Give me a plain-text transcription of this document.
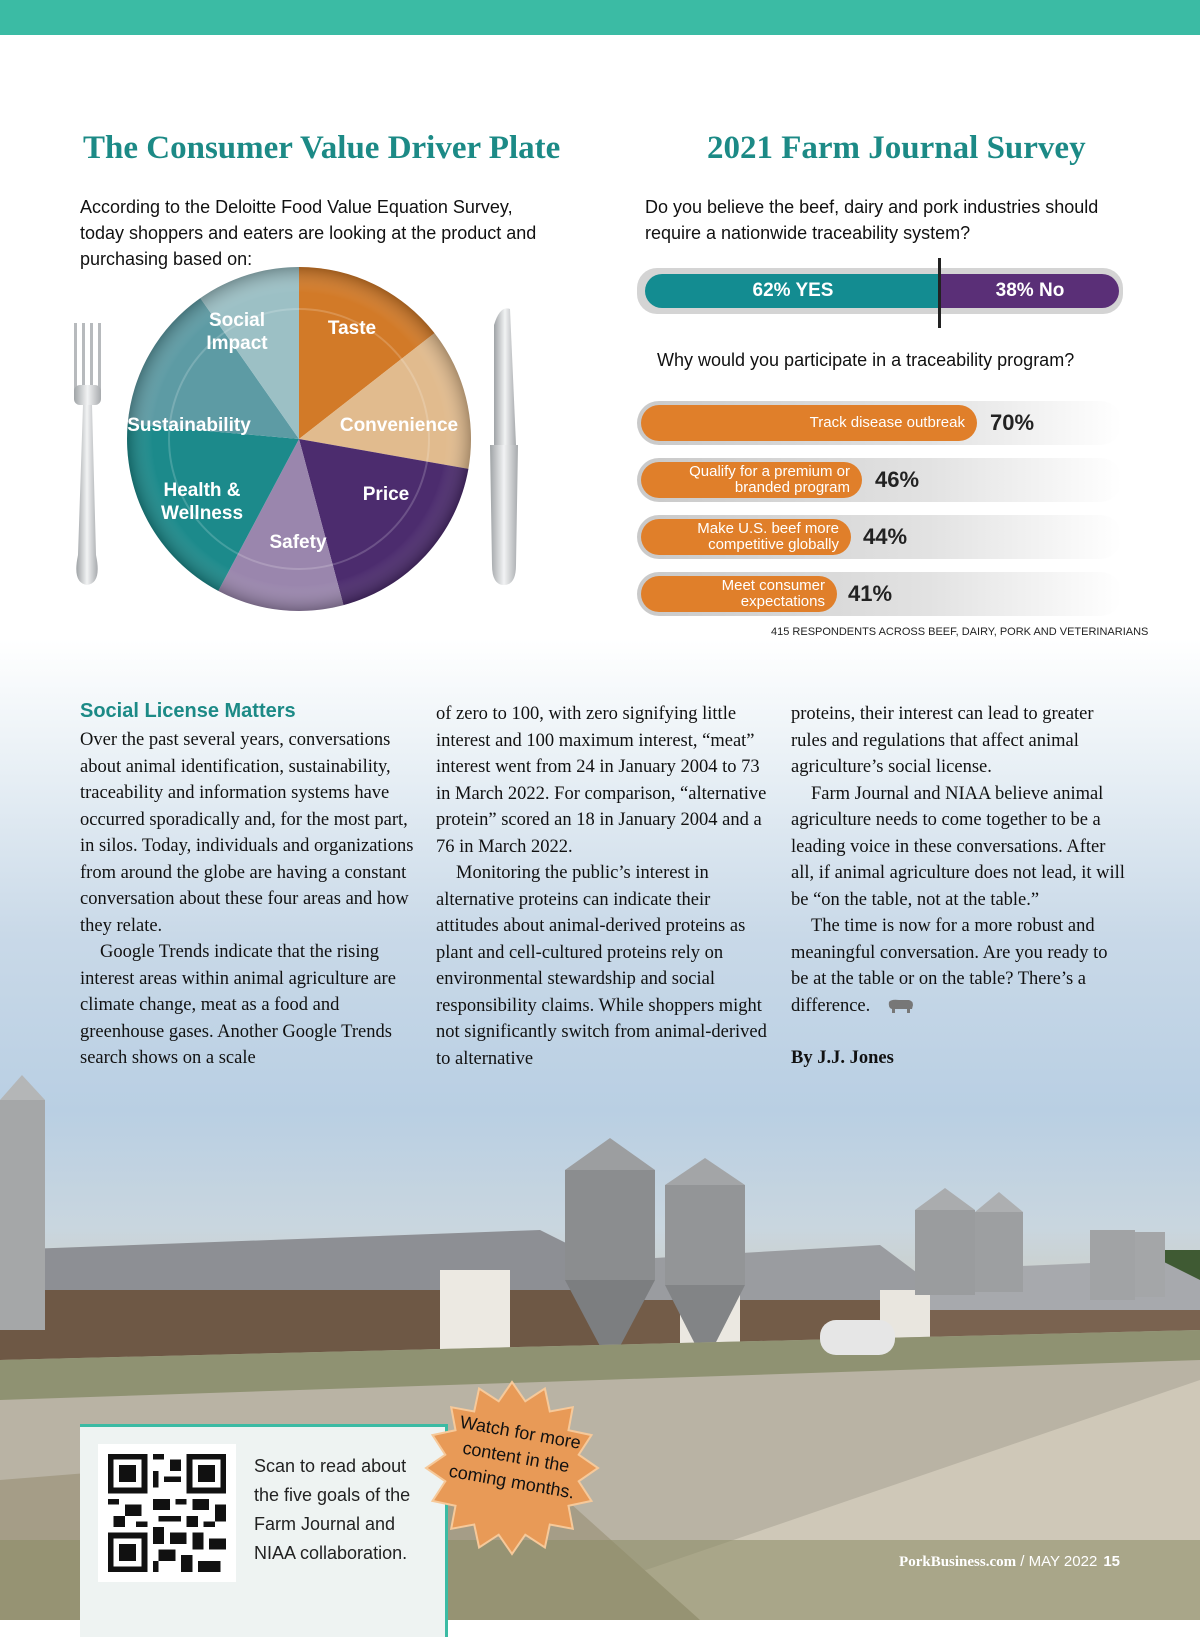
The Consumer Value Driver Plate

According to the Deloitte Food Value Equation Survey, today shoppers and eaters are looking at the product and purchasing based on:

Taste
Convenience
Price
Safety
Health & Wellness
Sustainability
Social Impact
2021 Farm Journal Survey

Do you believe the beef, dairy and pork industries should require a nationwide traceability system?

62% YES	38% No

Why would you participate in a traceability program?

Track disease outbreak	70%
Qualify for a premium or branded program	46%
Make U.S. beef more competitive globally	44%
Meet consumer expectations	41%

415 RESPONDENTS ACROSS BEEF, DAIRY, PORK AND VETERINARIANS

Social License Matters

Over the past several years, conversations about animal identification, sustainability, traceability and information systems have occurred sporadically and, for the most part, in silos. Today, individuals and organizations from around the globe are having a constant conversation about these four areas and how they relate.

Google Trends indicate that the rising interest areas within animal agriculture are climate change, meat as a food and greenhouse gases. Another Google Trends search shows on a scale

of zero to 100, with zero signifying little interest and 100 maximum interest, “meat” interest went from 24 in January 2004 to 73 in March 2022. For comparison, “alternative protein” scored an 18 in January 2004 and a 76 in March 2022.

Monitoring the public’s interest in alternative proteins can indicate their attitudes about animal-derived proteins as plant and cell-cultured proteins rely on environmental stewardship and social responsibility claims. While shoppers might not significantly switch from animal-derived to alternative

proteins, their interest can lead to greater rules and regulations that affect animal agriculture’s social license.

Farm Journal and NIAA believe animal agriculture needs to come together to be a leading voice in these conversations. After all, if animal agriculture does not lead, it will be “on the table, not at the table.”

The time is now for a more robust and meaningful conversation. Are you ready to be at the table or on the table? There’s a difference.

By J.J. Jones

Scan to read about the five goals of the Farm Journal and NIAA collaboration.

Watch for more content in the coming months.

PorkBusiness.com / MAY 2022 15
